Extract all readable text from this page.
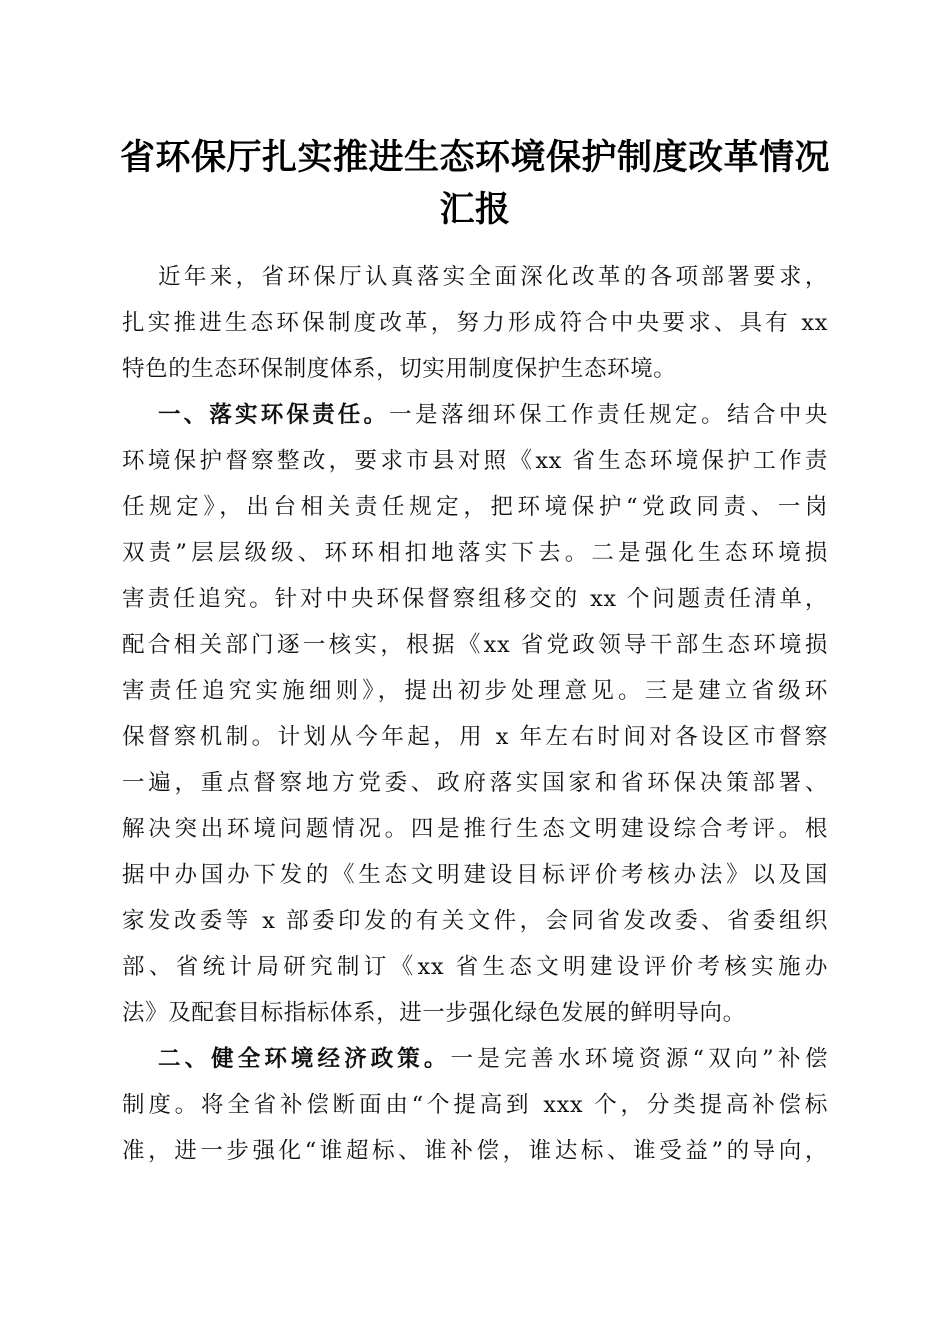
省环保厅扎实推进生态环境保护制度改革情况
汇报
近年来，省环保厅认真落实全面深化改革的各项部署要求，
扎实推进生态环保制度改革，努力形成符合中央要求、具有 xx
特色的生态环保制度体系，切实用制度保护生态环境。
一、落实环保责任。一是落细环保工作责任规定。结合中央
环境保护督察整改，要求市县对照《xx 省生态环境保护工作责
任规定》，出台相关责任规定，把环境保护“党政同责、一岗
双责”层层级级、环环相扣地落实下去。二是强化生态环境损
害责任追究。针对中央环保督察组移交的 xx 个问题责任清单，
配合相关部门逐一核实，根据《xx 省党政领导干部生态环境损
害责任追究实施细则》，提出初步处理意见。三是建立省级环
保督察机制。计划从今年起，用 x 年左右时间对各设区市督察
一遍，重点督察地方党委、政府落实国家和省环保决策部署、
解决突出环境问题情况。四是推行生态文明建设综合考评。根
据中办国办下发的《生态文明建设目标评价考核办法》以及国
家发改委等 x 部委印发的有关文件，会同省发改委、省委组织
部、省统计局研究制订《xx 省生态文明建设评价考核实施办
法》及配套目标指标体系，进一步强化绿色发展的鲜明导向。
二、健全环境经济政策。一是完善水环境资源“双向”补偿
制度。将全省补偿断面由“个提高到 xxx 个，分类提高补偿标
准，进一步强化“谁超标、谁补偿，谁达标、谁受益”的导向，
